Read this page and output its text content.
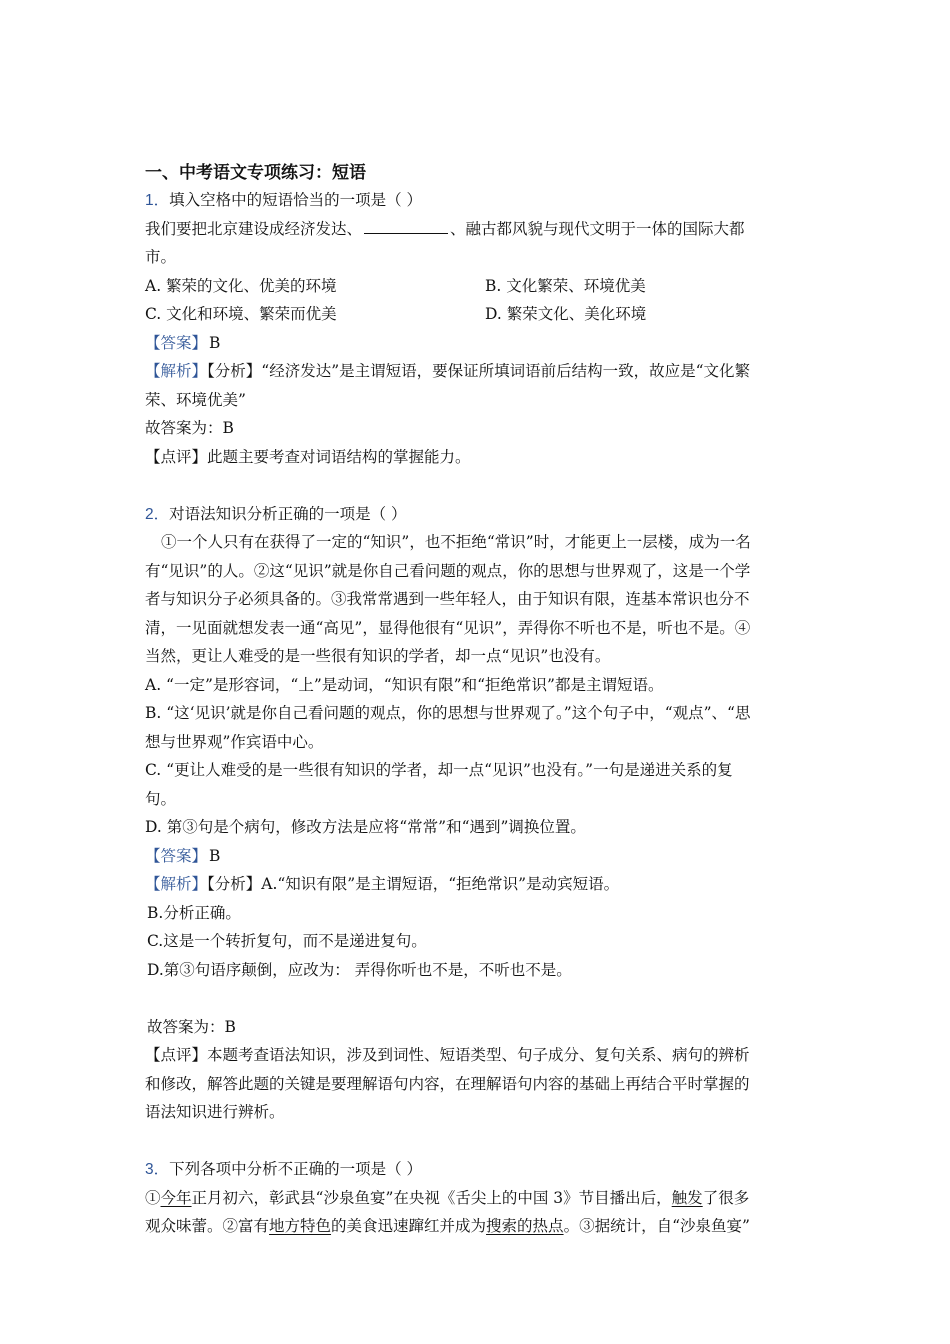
一、中考语文专项练习：短语
1．填入空格中的短语恰当的一项是（ ）
我们要把北京建设成经济发达、	、融古都风貌与现代文明于一体的国际大都
市。
A. 繁荣的文化、优美的环境	B. 文化繁荣、环境优美
C. 文化和环境、繁荣而优美	D. 繁荣文化、美化环境
【答案】 B
【解析】【分析】“经济发达”是主谓短语，要保证所填词语前后结构一致，故应是“文化繁
荣、环境优美”
故答案为：B
【点评】此题主要考查对词语结构的掌握能力。
2．对语法知识分析正确的一项是（ ）
①一个人只有在获得了一定的“知识”，也不拒绝“常识”时，才能更上一层楼，成为一名
有“见识”的人。②这“见识”就是你自己看问题的观点，你的思想与世界观了，这是一个学
者与知识分子必须具备的。③我常常遇到一些年轻人，由于知识有限，连基本常识也分不
清，一见面就想发表一通“高见”，显得他很有“见识”，弄得你不听也不是，听也不是。④
当然，更让人难受的是一些很有知识的学者，却一点“见识”也没有。
A. “一定”是形容词，“上”是动词，“知识有限”和“拒绝常识”都是主谓短语。
B. “这‘见识’就是你自己看问题的观点，你的思想与世界观了。”这个句子中，“观点”、“思
想与世界观”作宾语中心。
C. “更让人难受的是一些很有知识的学者，却一点“见识”也没有。”一句是递进关系的复
句。
D. 第③句是个病句，修改方法是应将“常常”和“遇到”调换位置。
【答案】 B
【解析】【分析】A.“知识有限”是主谓短语，“拒绝常识”是动宾短语。
B.分析正确。
C.这是一个转折复句，而不是递进复句。
D.第③句语序颠倒，应改为： 弄得你听也不是，不听也不是。
故答案为：B
【点评】本题考查语法知识，涉及到词性、短语类型、句子成分、复句关系、病句的辨析
和修改，解答此题的关键是要理解语句内容，在理解语句内容的基础上再结合平时掌握的
语法知识进行辨析。
3．下列各项中分析不正确的一项是（ ）
①今年正月初六，彰武县“沙泉鱼宴”在央视《舌尖上的中国 3》节目播出后，触发了很多
观众味蕾。②富有地方特色的美食迅速蹿红并成为搜索的热点。③据统计，自“沙泉鱼宴”
